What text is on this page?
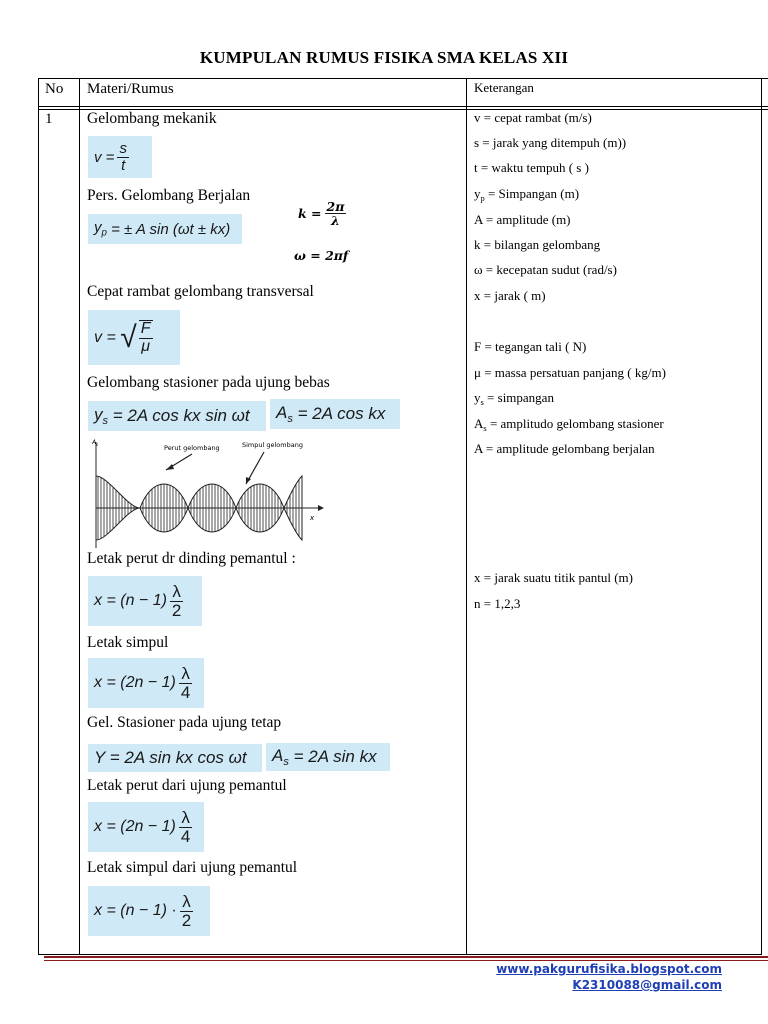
KUMPULAN RUMUS FISIKA SMA KELAS XII
No Materi/Rumus	Keterangan
1 Gelombang mekanik
$v = \frac{s}{t}$
Pers. Gelombang Berjalan
$y_p$
= ± A sin (ωt ± kx)
$k = \frac{2\pi}{\lambda}$
ω = 2πf
Cepat rambat gelombang transversal
v =
√ $\frac{F}{\mu}$
Gelombang stasioner pada ujung bebas
$y_s$
= 2A cos kx sin ωt $A_s$
= 2A cos kx
$A_s$
x
Perut gelombang	Simpul gelombang
Letak perut dr dinding pemantul :
$x = (n - 1) \frac{\lambda}{2}$
Letak simpul
$x = (2n - 1) \frac{\lambda}{4}$
Gel. Stasioner pada ujung tetap
Y = 2A sin kx cos ωt $A_s$
= 2A sin kx
Letak perut dari ujung pemantul
$x = (2n - 1) \frac{\lambda}{4}$
Letak simpul dari ujung pemantul
$x = (n - 1) \cdot \frac{\lambda}{2}$
v = cepat rambat (m/s)
s = jarak yang ditempuh (m))
t = waktu tempuh ( s )
$y_p$ = Simpangan (m)
A = amplitude (m)
k = bilangan gelombang
ω = kecepatan sudut (rad/s)
x = jarak ( m)
F = tegangan tali ( N)
μ = massa persatuan panjang ( kg/m)
$y_s$ = simpangan
$A_s$ = amplitudo gelombang stasioner
A = amplitude gelombang berjalan
x = jarak suatu titik pantul (m)
n = 1,2,3
www.pakgurufisika.blogspot.com
K2310088@gmail.com
